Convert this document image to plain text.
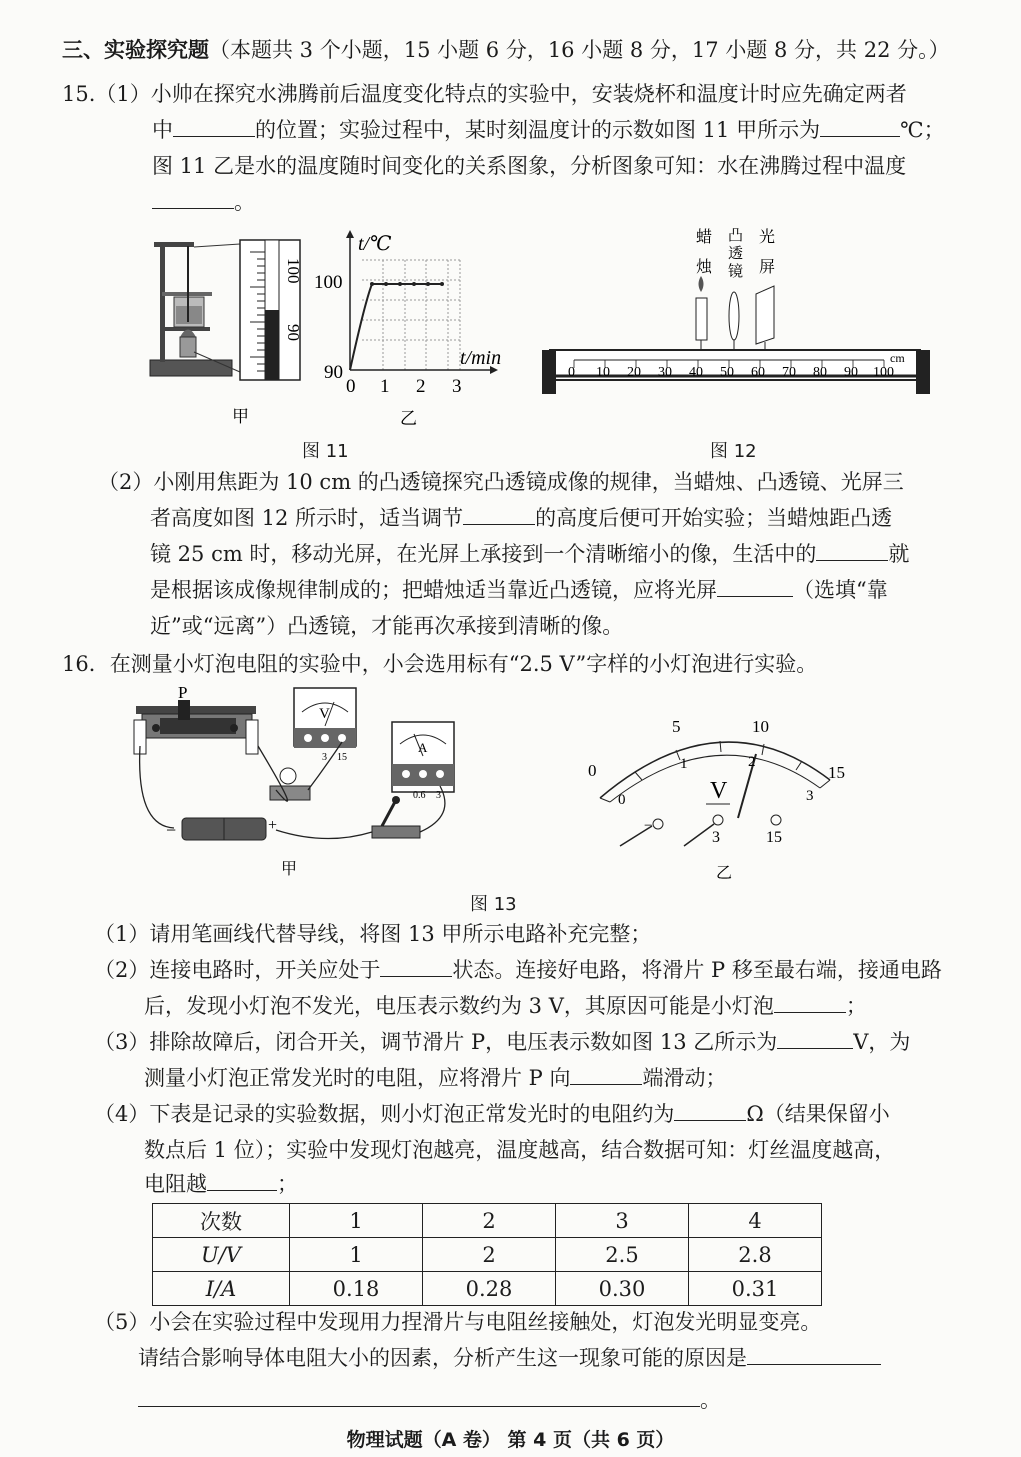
三、实验探究题（本题共 3 个小题，15 小题 6 分，16 小题 8 分，17 小题 8 分，共 22 分。）
15.（1）小帅在探究水沸腾前后温度变化特点的实验中，安装烧杯和温度计时应先确定两者
中	的位置；实验过程中，某时刻温度计的示数如图 11 甲所示为	℃；
图 11 乙是水的温度随时间变化的关系图象，分析图象可知：水在沸腾过程中温度
。
100
90
t/℃
t/min
100
90
0 1 2 3
甲	乙
图 11
蜡
烛
凸
透
镜
光
屏
0 10 20 30 40 50 60 70 80 90 100
cm
图 12
（2）小刚用焦距为 10 cm 的凸透镜探究凸透镜成像的规律，当蜡烛、凸透镜、光屏三
者高度如图 12 所示时，适当调节	的高度后便可开始实验；当蜡烛距凸透
镜 25 cm 时，移动光屏，在光屏上承接到一个清晰缩小的像，生活中的	就
是根据该成像规律制成的；把蜡烛适当靠近凸透镜，应将光屏	（选填“靠
近”或“远离”）凸透镜，才能再次承接到清晰的像。
16．在测量小灯泡电阻的实验中，小会选用标有“2.5 V”字样的小灯泡进行实验。
P
V
3 15
A
0.6 3
−	+
甲
0
5	10
15
0
1	2
3
V
−
3	15
乙
图 13
（1）请用笔画线代替导线，将图 13 甲所示电路补充完整；
（2）连接电路时，开关应处于	状态。连接好电路，将滑片 P 移至最右端，接通电路
后，发现小灯泡不发光，电压表示数约为 3 V，其原因可能是小灯泡	；
（3）排除故障后，闭合开关，调节滑片 P，电压表示数如图 13 乙所示为	V，为
测量小灯泡正常发光时的电阻，应将滑片 P 向	端滑动；
（4）下表是记录的实验数据，则小灯泡正常发光时的电阻约为	Ω（结果保留小
数点后 1 位）；实验中发现灯泡越亮，温度越高，结合数据可知：灯丝温度越高，
电阻越	；
次数	1	2	3	4
U/V	1	2	2.5	2.8
I/A	0.18	0.28	0.30	0.31
（5）小会在实验过程中发现用力捏滑片与电阻丝接触处，灯泡发光明显变亮。
请结合影响导体电阻大小的因素，分析产生这一现象可能的原因是
。
物理试题（A 卷） 第 4 页（共 6 页）
